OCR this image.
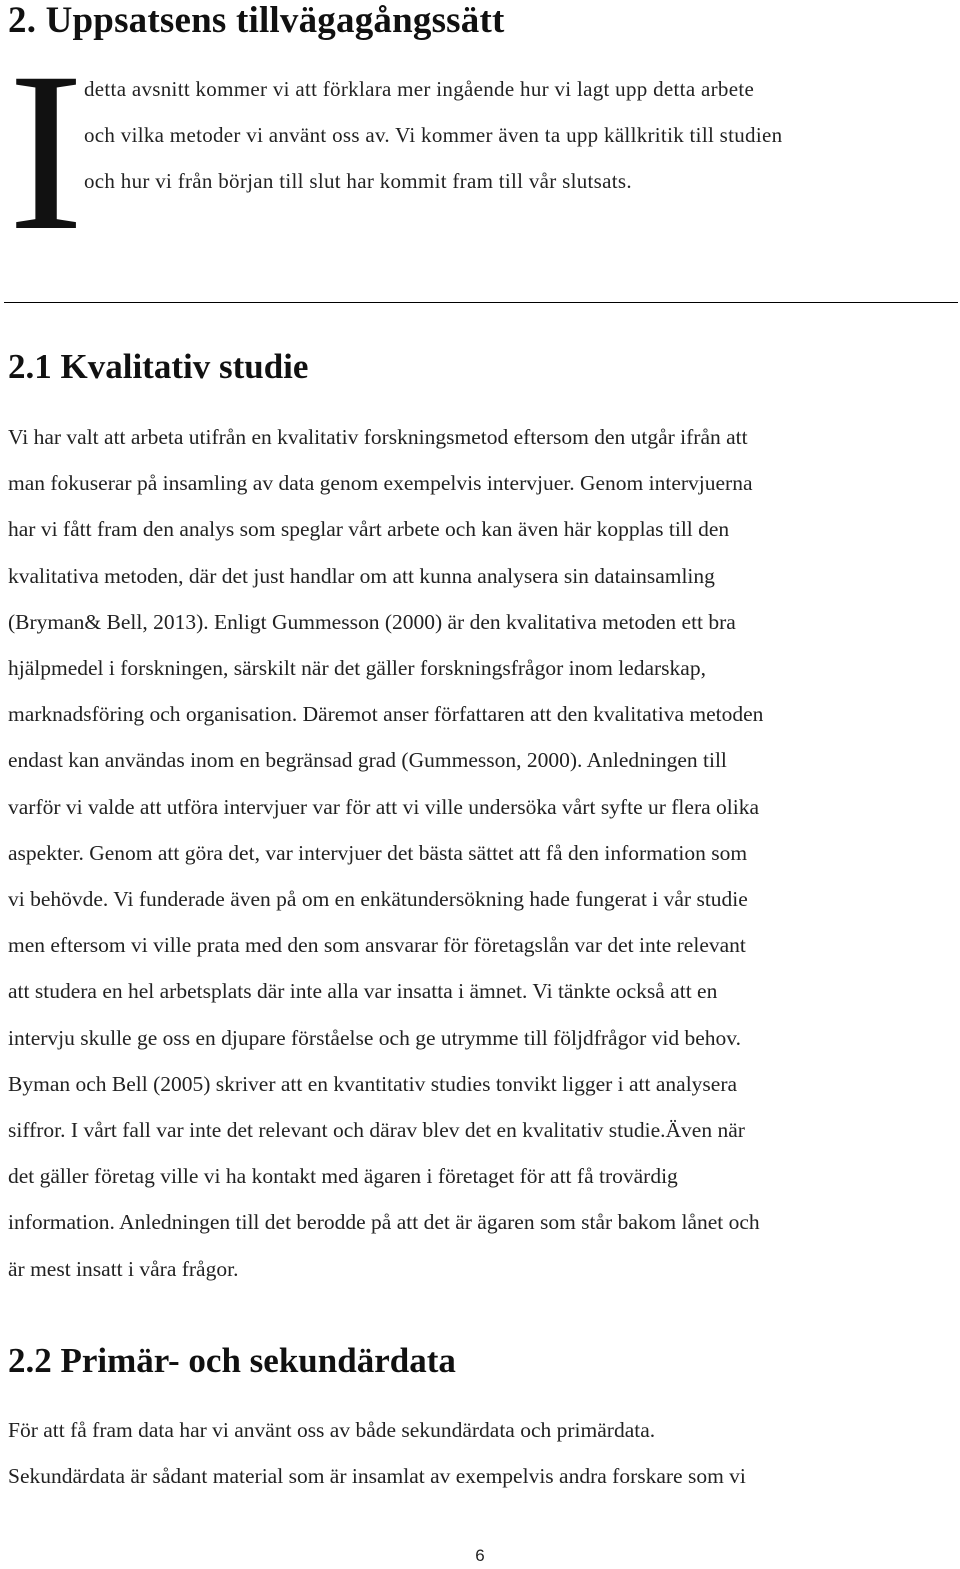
2. Uppsatsens tillvägagångssätt
I detta avsnitt kommer vi att förklara mer ingående hur vi lagt upp detta arbete

och vilka metoder vi använt oss av. Vi kommer även ta upp källkritik till studien

och hur vi från början till slut har kommit fram till vår slutsats.

2.1 Kvalitativ studie

Vi har valt att arbeta utifrån en kvalitativ forskningsmetod eftersom den utgår ifrån att

man fokuserar på insamling av data genom exempelvis intervjuer. Genom intervjuerna

har vi fått fram den analys som speglar vårt arbete och kan även här kopplas till den

kvalitativa metoden, där det just handlar om att kunna analysera sin datainsamling

(Bryman& Bell, 2013). Enligt Gummesson (2000) är den kvalitativa metoden ett bra

hjälpmedel i forskningen, särskilt när det gäller forskningsfrågor inom ledarskap,

marknadsföring och organisation. Däremot anser författaren att den kvalitativa metoden

endast kan användas inom en begränsad grad (Gummesson, 2000). Anledningen till

varför vi valde att utföra intervjuer var för att vi ville undersöka vårt syfte ur flera olika

aspekter. Genom att göra det, var intervjuer det bästa sättet att få den information som

vi behövde. Vi funderade även på om en enkätundersökning hade fungerat i vår studie

men eftersom vi ville prata med den som ansvarar för företagslån var det inte relevant

att studera en hel arbetsplats där inte alla var insatta i ämnet. Vi tänkte också att en

intervju skulle ge oss en djupare förståelse och ge utrymme till följdfrågor vid behov.

Byman och Bell (2005) skriver att en kvantitativ studies tonvikt ligger i att analysera

siffror. I vårt fall var inte det relevant och därav blev det en kvalitativ studie.Även när

det gäller företag ville vi ha kontakt med ägaren i företaget för att få trovärdig

information. Anledningen till det berodde på att det är ägaren som står bakom lånet och

är mest insatt i våra frågor.

2.2 Primär- och sekundärdata

För att få fram data har vi använt oss av både sekundärdata och primärdata.

Sekundärdata är sådant material som är insamlat av exempelvis andra forskare som vi

6
